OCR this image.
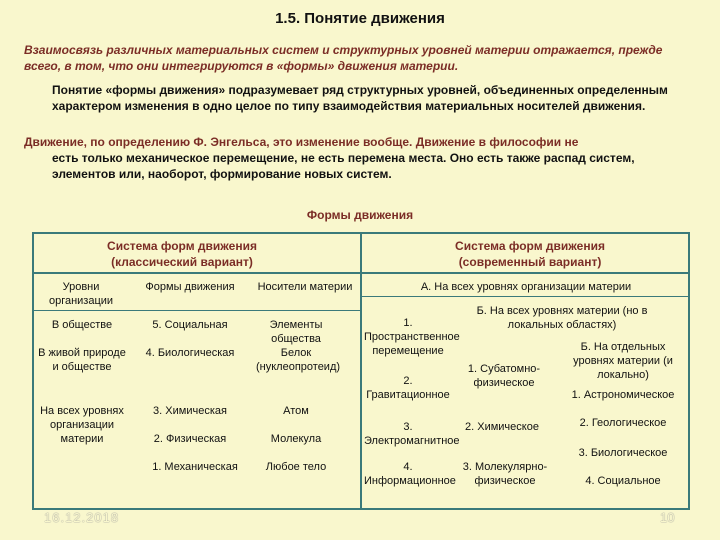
1.5. Понятие движения
Взаимосвязь различных материальных систем и структурных уровней материи отражается, прежде всего, в том, что они интегрируются в «формы» движения материи.
Понятие «формы движения» подразумевает ряд структурных уровней, объединенных определенным характером изменения в одно целое по типу взаимодействия материальных носителей движения.
Движение, по определению Ф. Энгельса, это изменение вообще. Движение в философии не
есть только механическое перемещение, не есть перемена места. Оно есть также распад систем, элементов или, наоборот, формирование новых систем.
Формы движения
Система форм движения (классический вариант)
Система форм движения (современный вариант)
Уровни организации
Формы движения Носители материи
В обществе
В живой природе и обществе
На всех уровнях организации материи
5. Социальная
4. Биологическая
3. Химическая
2. Физическая
1. Механическая
Элементы общества
Белок (нуклеопротеид)
Атом
Молекула
Любое тело
А. На всех уровнях организации материи
Б. На всех уровнях материи (но в локальных областях)
Б. На отдельных уровнях материи (и локально)
1. Пространственное перемещение
2. Гравитационное
3. Электромагнитное
4. Информационное
1. Субатомно-физическое
2. Химическое
3. Молекулярно-физическое
1. Астрономическое
2. Геологическое
3. Биологическое
4. Социальное
16.12.2018	10
